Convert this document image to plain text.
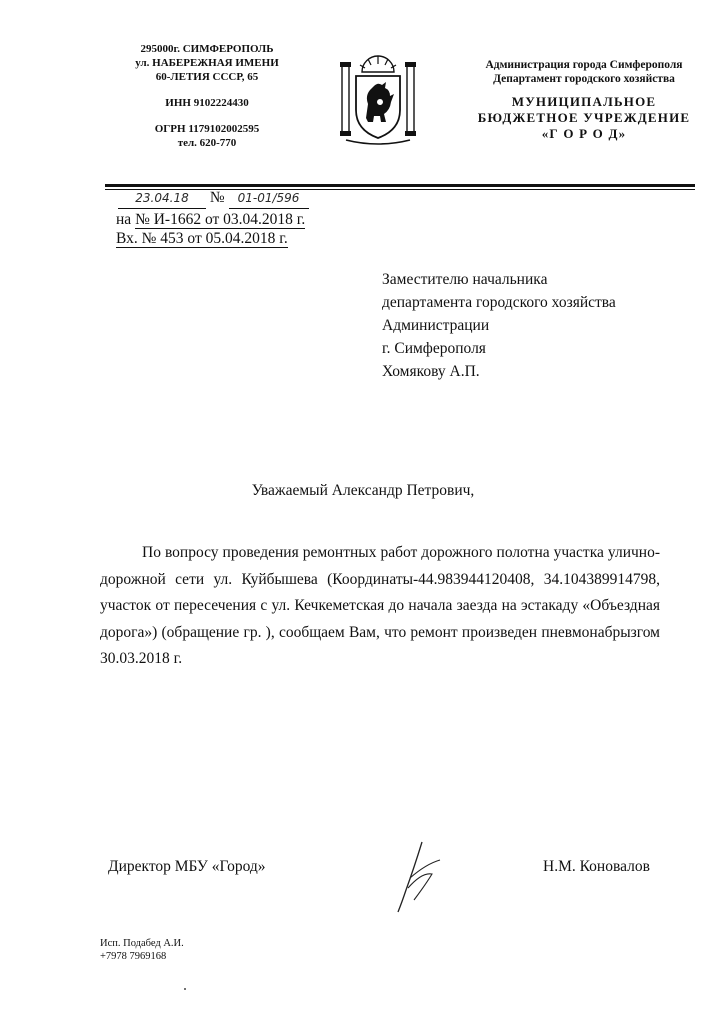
295000г. СИМФЕРОПОЛЬ
ул. НАБЕРЕЖНАЯ ИМЕНИ
60-ЛЕТИЯ СССР, 65
ИНН 9102224430
ОГРН 1179102002595
тел. 620-770
Администрация города Симферополя
Департамент городского хозяйства
МУНИЦИПАЛЬНОЕ
БЮДЖЕТНОЕ УЧРЕЖДЕНИЕ
«Г О Р О Д»
23.04.18 № 01-01/596
на № И-1662 от 03.04.2018 г.
Вх. № 453 от 05.04.2018 г.
Заместителю начальника
департамента городского хозяйства
Администрации
г. Симферополя
Хомякову А.П.
Уважаемый Александр Петрович,
По вопросу проведения ремонтных работ дорожного полотна участка улично-дорожной сети ул. Куйбышева (Координаты-44.983944120408, 34.104389914798, участок от пересечения с ул. Кечкеметская до начала заезда на эстакаду «Объездная дорога») (обращение гр. ), сообщаем Вам, что ремонт произведен пневмонабрызгом 30.03.2018 г.
Директор МБУ «Город»	Н.М. Коновалов
Исп. Подабед А.И.
+7978 7969168
